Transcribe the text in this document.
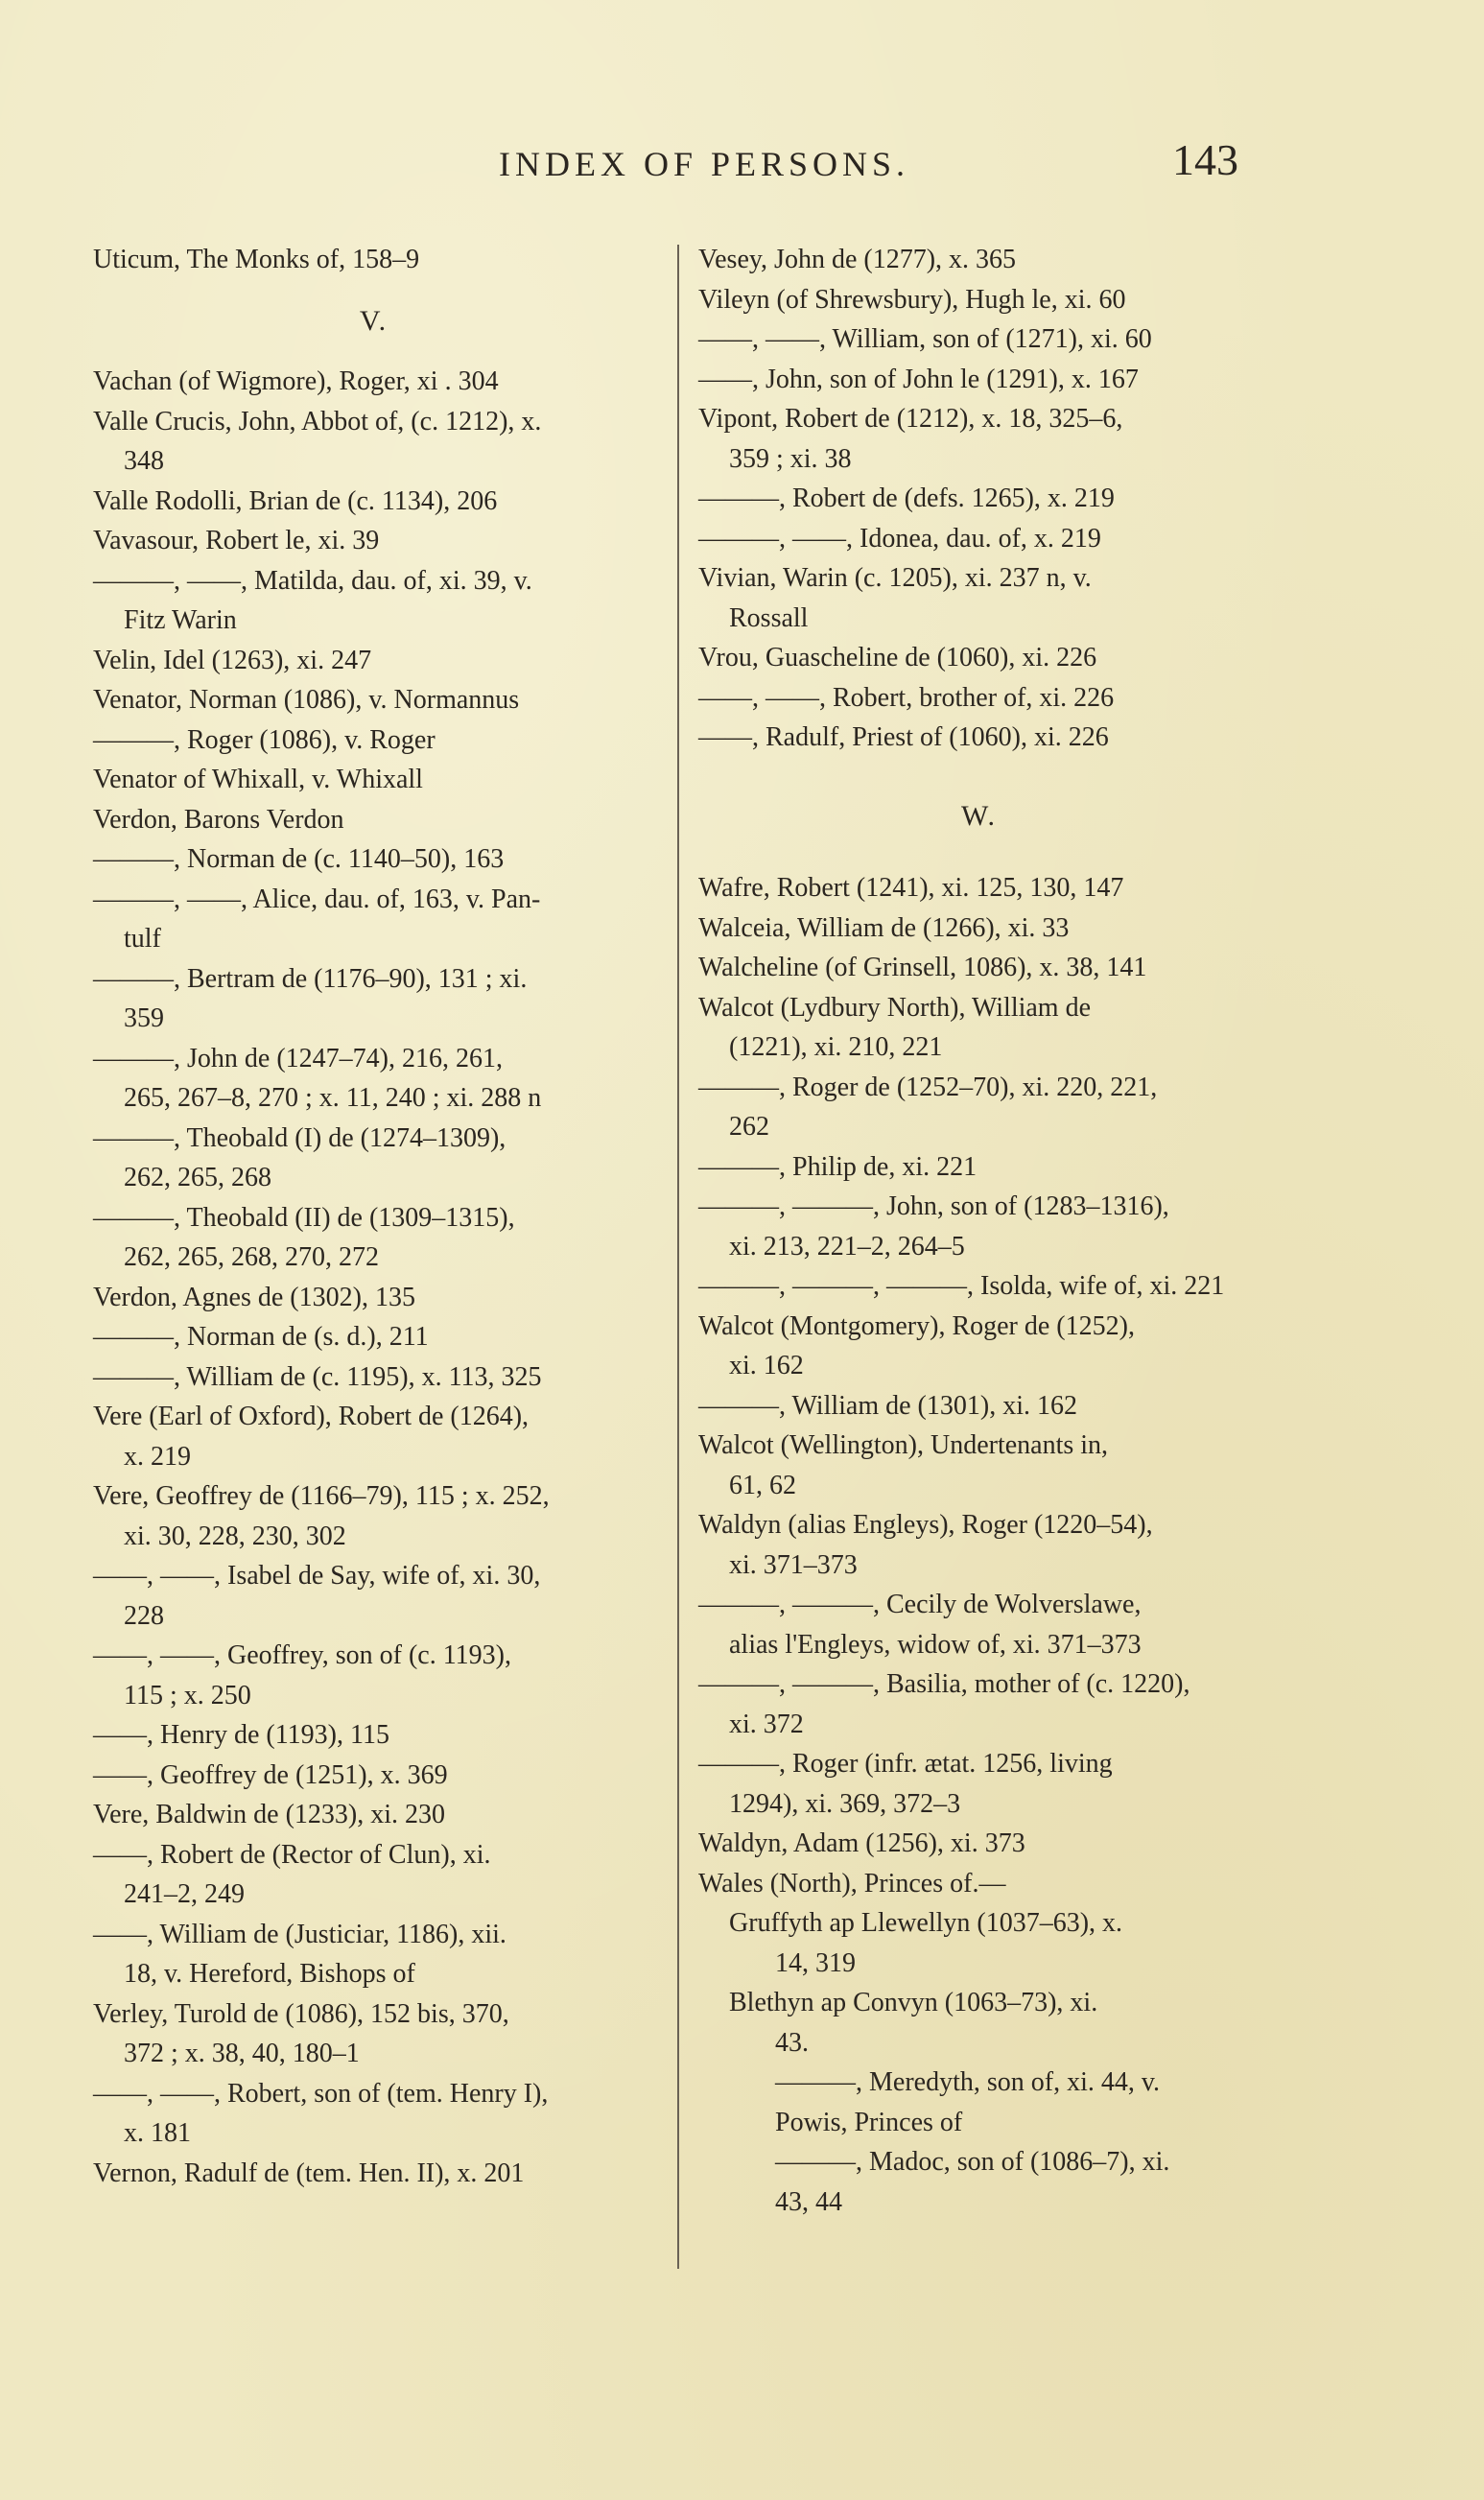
INDEX OF PERSONS.	143
Uticum, The Monks of, 158–9
V.
Vachan (of Wigmore), Roger, xi . 304
Valle Crucis, John, Abbot of, (c. 1212), x.
348
Valle Rodolli, Brian de (c. 1134), 206
Vavasour, Robert le, xi. 39
———, ——, Matilda, dau. of, xi. 39, v.
Fitz Warin
Velin, Idel (1263), xi. 247
Venator, Norman (1086), v. Normannus
———, Roger (1086), v. Roger
Venator of Whixall, v. Whixall
Verdon, Barons Verdon
———, Norman de (c. 1140–50), 163
———, ——, Alice, dau. of, 163, v. Pan-
tulf
———, Bertram de (1176–90), 131 ; xi.
359
———, John de (1247–74), 216, 261,
265, 267–8, 270 ; x. 11, 240 ; xi. 288 n
———, Theobald (I) de (1274–1309),
262, 265, 268
———, Theobald (II) de (1309–1315),
262, 265, 268, 270, 272
Verdon, Agnes de (1302), 135
———, Norman de (s. d.), 211
———, William de (c. 1195), x. 113, 325
Vere (Earl of Oxford), Robert de (1264),
x. 219
Vere, Geoffrey de (1166–79), 115 ; x. 252,
xi. 30, 228, 230, 302
——, ——, Isabel de Say, wife of, xi. 30,
228
——, ——, Geoffrey, son of (c. 1193),
115 ; x. 250
——, Henry de (1193), 115
——, Geoffrey de (1251), x. 369
Vere, Baldwin de (1233), xi. 230
——, Robert de (Rector of Clun), xi.
241–2, 249
——, William de (Justiciar, 1186), xii.
18, v. Hereford, Bishops of
Verley, Turold de (1086), 152 bis, 370,
372 ; x. 38, 40, 180–1
——, ——, Robert, son of (tem. Henry I),
x. 181
Vernon, Radulf de (tem. Hen. II), x. 201
Vesey, John de (1277), x. 365
Vileyn (of Shrewsbury), Hugh le, xi. 60
——, ——, William, son of (1271), xi. 60
——, John, son of John le (1291), x. 167
Vipont, Robert de (1212), x. 18, 325–6,
359 ; xi. 38
———, Robert de (defs. 1265), x. 219
———, ——, Idonea, dau. of, x. 219
Vivian, Warin (c. 1205), xi. 237 n, v.
Rossall
Vrou, Guascheline de (1060), xi. 226
——, ——, Robert, brother of, xi. 226
——, Radulf, Priest of (1060), xi. 226
W.
Wafre, Robert (1241), xi. 125, 130, 147
Walceia, William de (1266), xi. 33
Walcheline (of Grinsell, 1086), x. 38, 141
Walcot (Lydbury North), William de
(1221), xi. 210, 221
———, Roger de (1252–70), xi. 220, 221,
262
———, Philip de, xi. 221
———, ———, John, son of (1283–1316),
xi. 213, 221–2, 264–5
———, ———, ———, Isolda, wife of, xi. 221
Walcot (Montgomery), Roger de (1252),
xi. 162
———, William de (1301), xi. 162
Walcot (Wellington), Undertenants in,
61, 62
Waldyn (alias Engleys), Roger (1220–54),
xi. 371–373
———, ———, Cecily de Wolverslawe,
alias l'Engleys, widow of, xi. 371–373
———, ———, Basilia, mother of (c. 1220),
xi. 372
———, Roger (infr. ætat. 1256, living
1294), xi. 369, 372–3
Waldyn, Adam (1256), xi. 373
Wales (North), Princes of.—
Gruffyth ap Llewellyn (1037–63), x.
14, 319
Blethyn ap Convyn (1063–73), xi.
43.
———, Meredyth, son of, xi. 44, v.
Powis, Princes of
———, Madoc, son of (1086–7), xi.
43, 44
